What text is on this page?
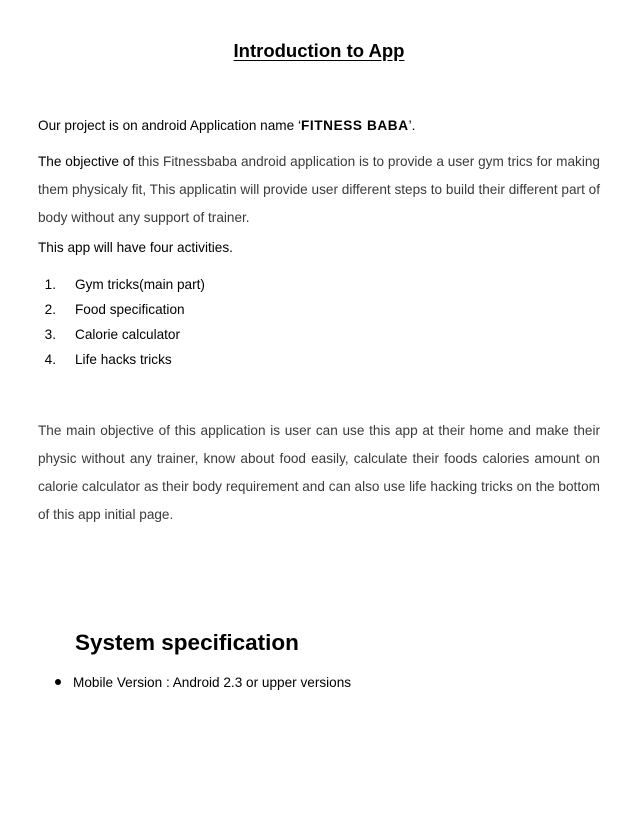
Introduction to App

Our project is on android Application name ‘FITNESS BABA’.

The objective of this Fitnessbaba android application is to provide a user gym trics for making them physicaly fit, This applicatin will provide user different steps to build their different part of body without any support of trainer.

This app will have four activities.

1. Gym tricks(main part)
2. Food specification
3. Calorie calculator
4. Life hacks tricks

The main objective of this application is user can use this app at their home and make their physic without any trainer, know about food easily, calculate their foods calories amount on calorie calculator as their body requirement and can also use life hacking tricks on the bottom of this app initial page.

System specification
Mobile Version : Android 2.3 or upper versions
